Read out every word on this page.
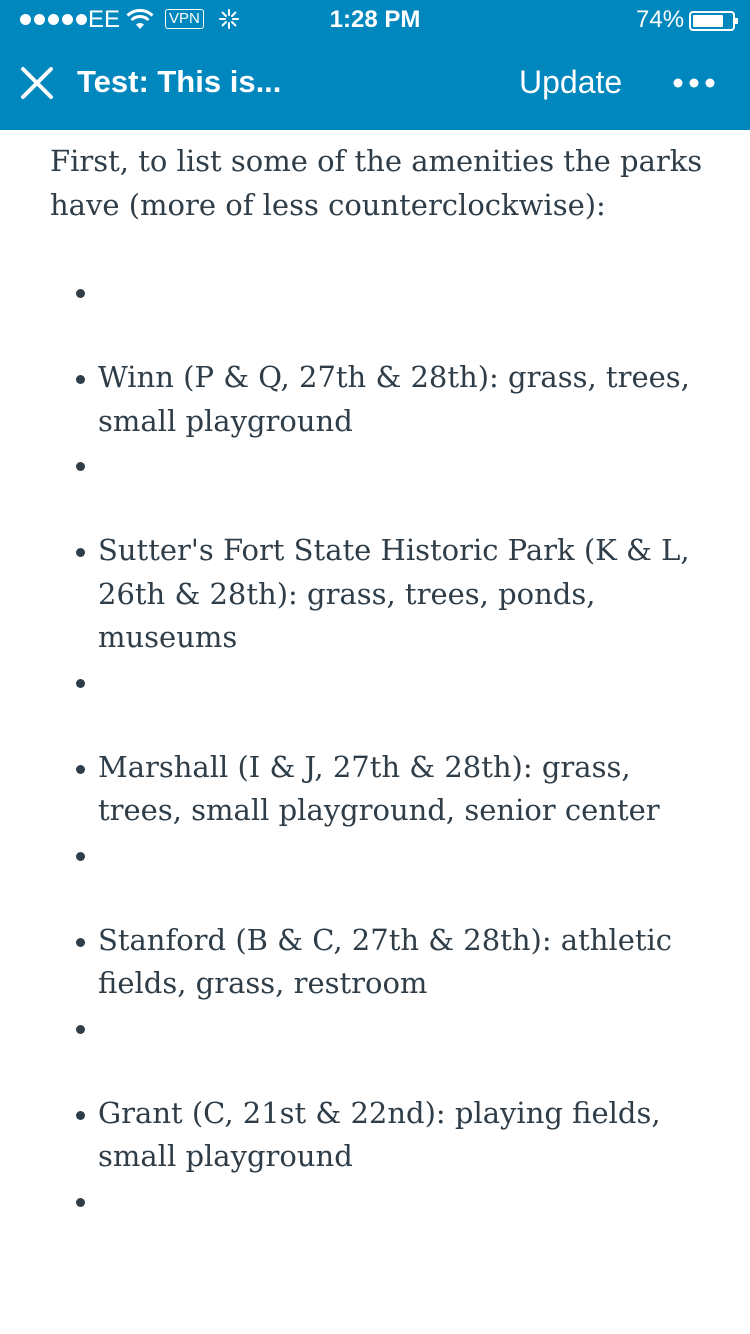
EE	VPN	1:28 PM	74%
Test: This is...	Update

First, to list some of the amenities the parks have (more of less counterclockwise):

Winn (P & Q, 27th & 28th): grass, trees, small playground
Sutter's Fort State Historic Park (K & L, 26th & 28th): grass, trees, ponds, museums
Marshall (I & J, 27th & 28th): grass, trees, small playground, senior center
Stanford (B & C, 27th & 28th): athletic fields, grass, restroom
Grant (C, 21st & 22nd): playing fields, small playground
